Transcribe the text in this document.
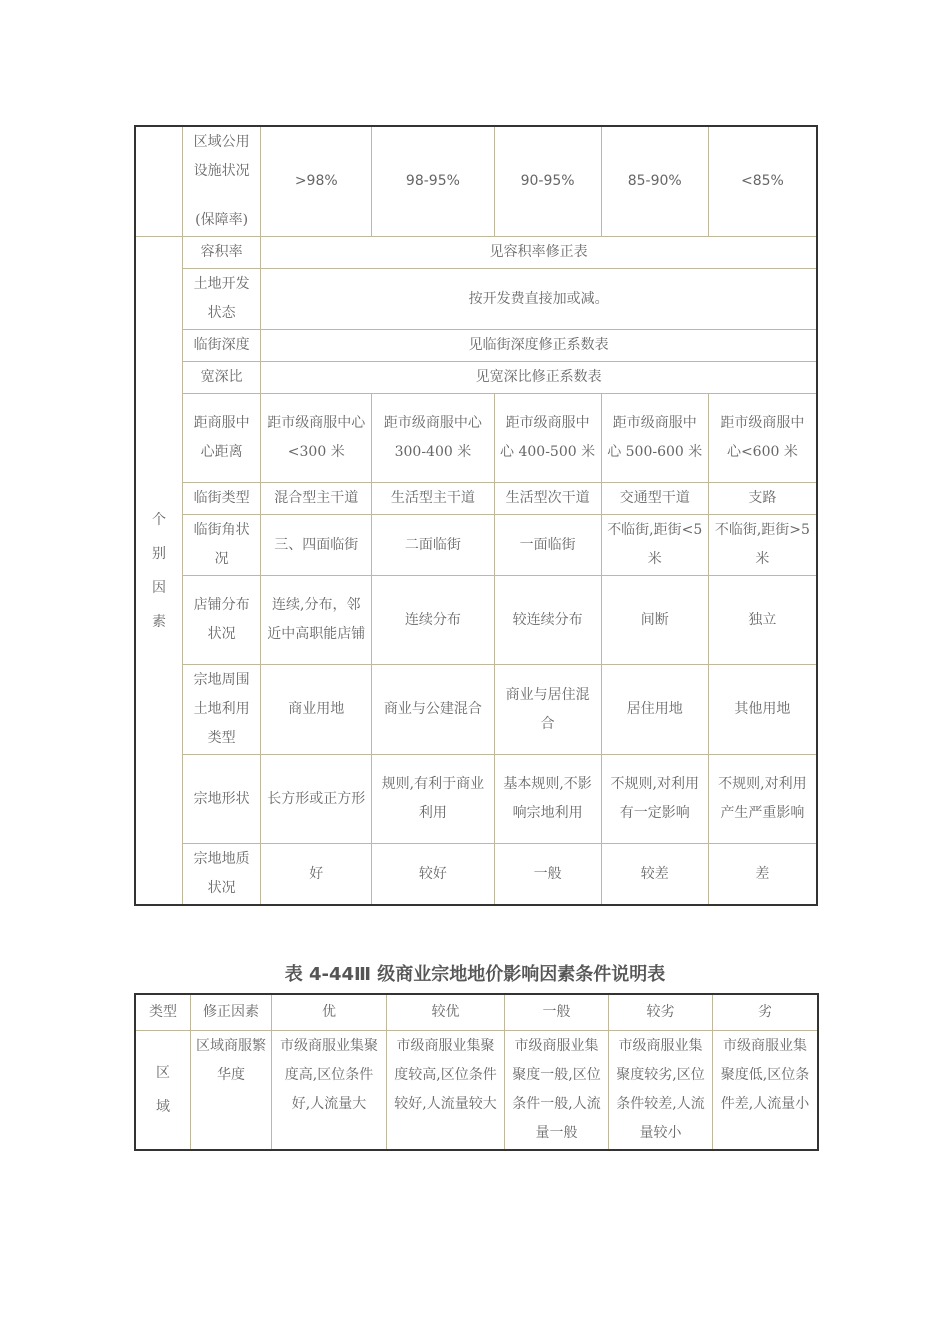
	区域公用
设施状况
(保障率)	>98%	98-95%	90-95%	85-90%	<85%

个
别
因
素	容积率	见容积率修正表				

	土地开发
状态	按开发费直接加或减。				
	临街深度	见临街深度修正系数表				
	宽深比	见宽深比修正系数表				

	距商服中
心距离	距市级商服中心<300 米	距市级商服中心 300-400 米	距市级商服中心 400-500 米	距市级商服中心 500-600 米	距市级商服中心<600 米
	临街类型	混合型主干道	生活型主干道	生活型次干道	交通型干道	支路

	临街角状
况	三、四面临街	二面临街	一面临街	不临街,距街<5 米	不临街,距街>5 米

	店铺分布
状况	连续,分布，邻近中高职能店铺	连续分布	较连续分布	间断	独立

	宗地周围
土地利用
类型	商业用地	商业与公建混合	商业与居住混合	居住用地	其他用地
	宗地形状	长方形或正方形	规则,有利于商业利用	基本规则,不影响宗地利用	不规则,对利用有一定影响	不规则,对利用产生严重影响

	宗地地质
状况	好	较好	一般	较差	差
表 4-44Ⅲ 级商业宗地地价影响因素条件说明表
类型	修正因素	优	较优	一般	较劣	劣

区
域	区域商服繁华度	市级商服业集聚度高,区位条件好,人流量大	市级商服业集聚度较高,区位条件较好,人流量较大	市级商服业集聚度一般,区位条件一般,人流量一般	市级商服业集聚度较劣,区位条件较差,人流量较小	市级商服业集聚度低,区位条件差,人流量小
